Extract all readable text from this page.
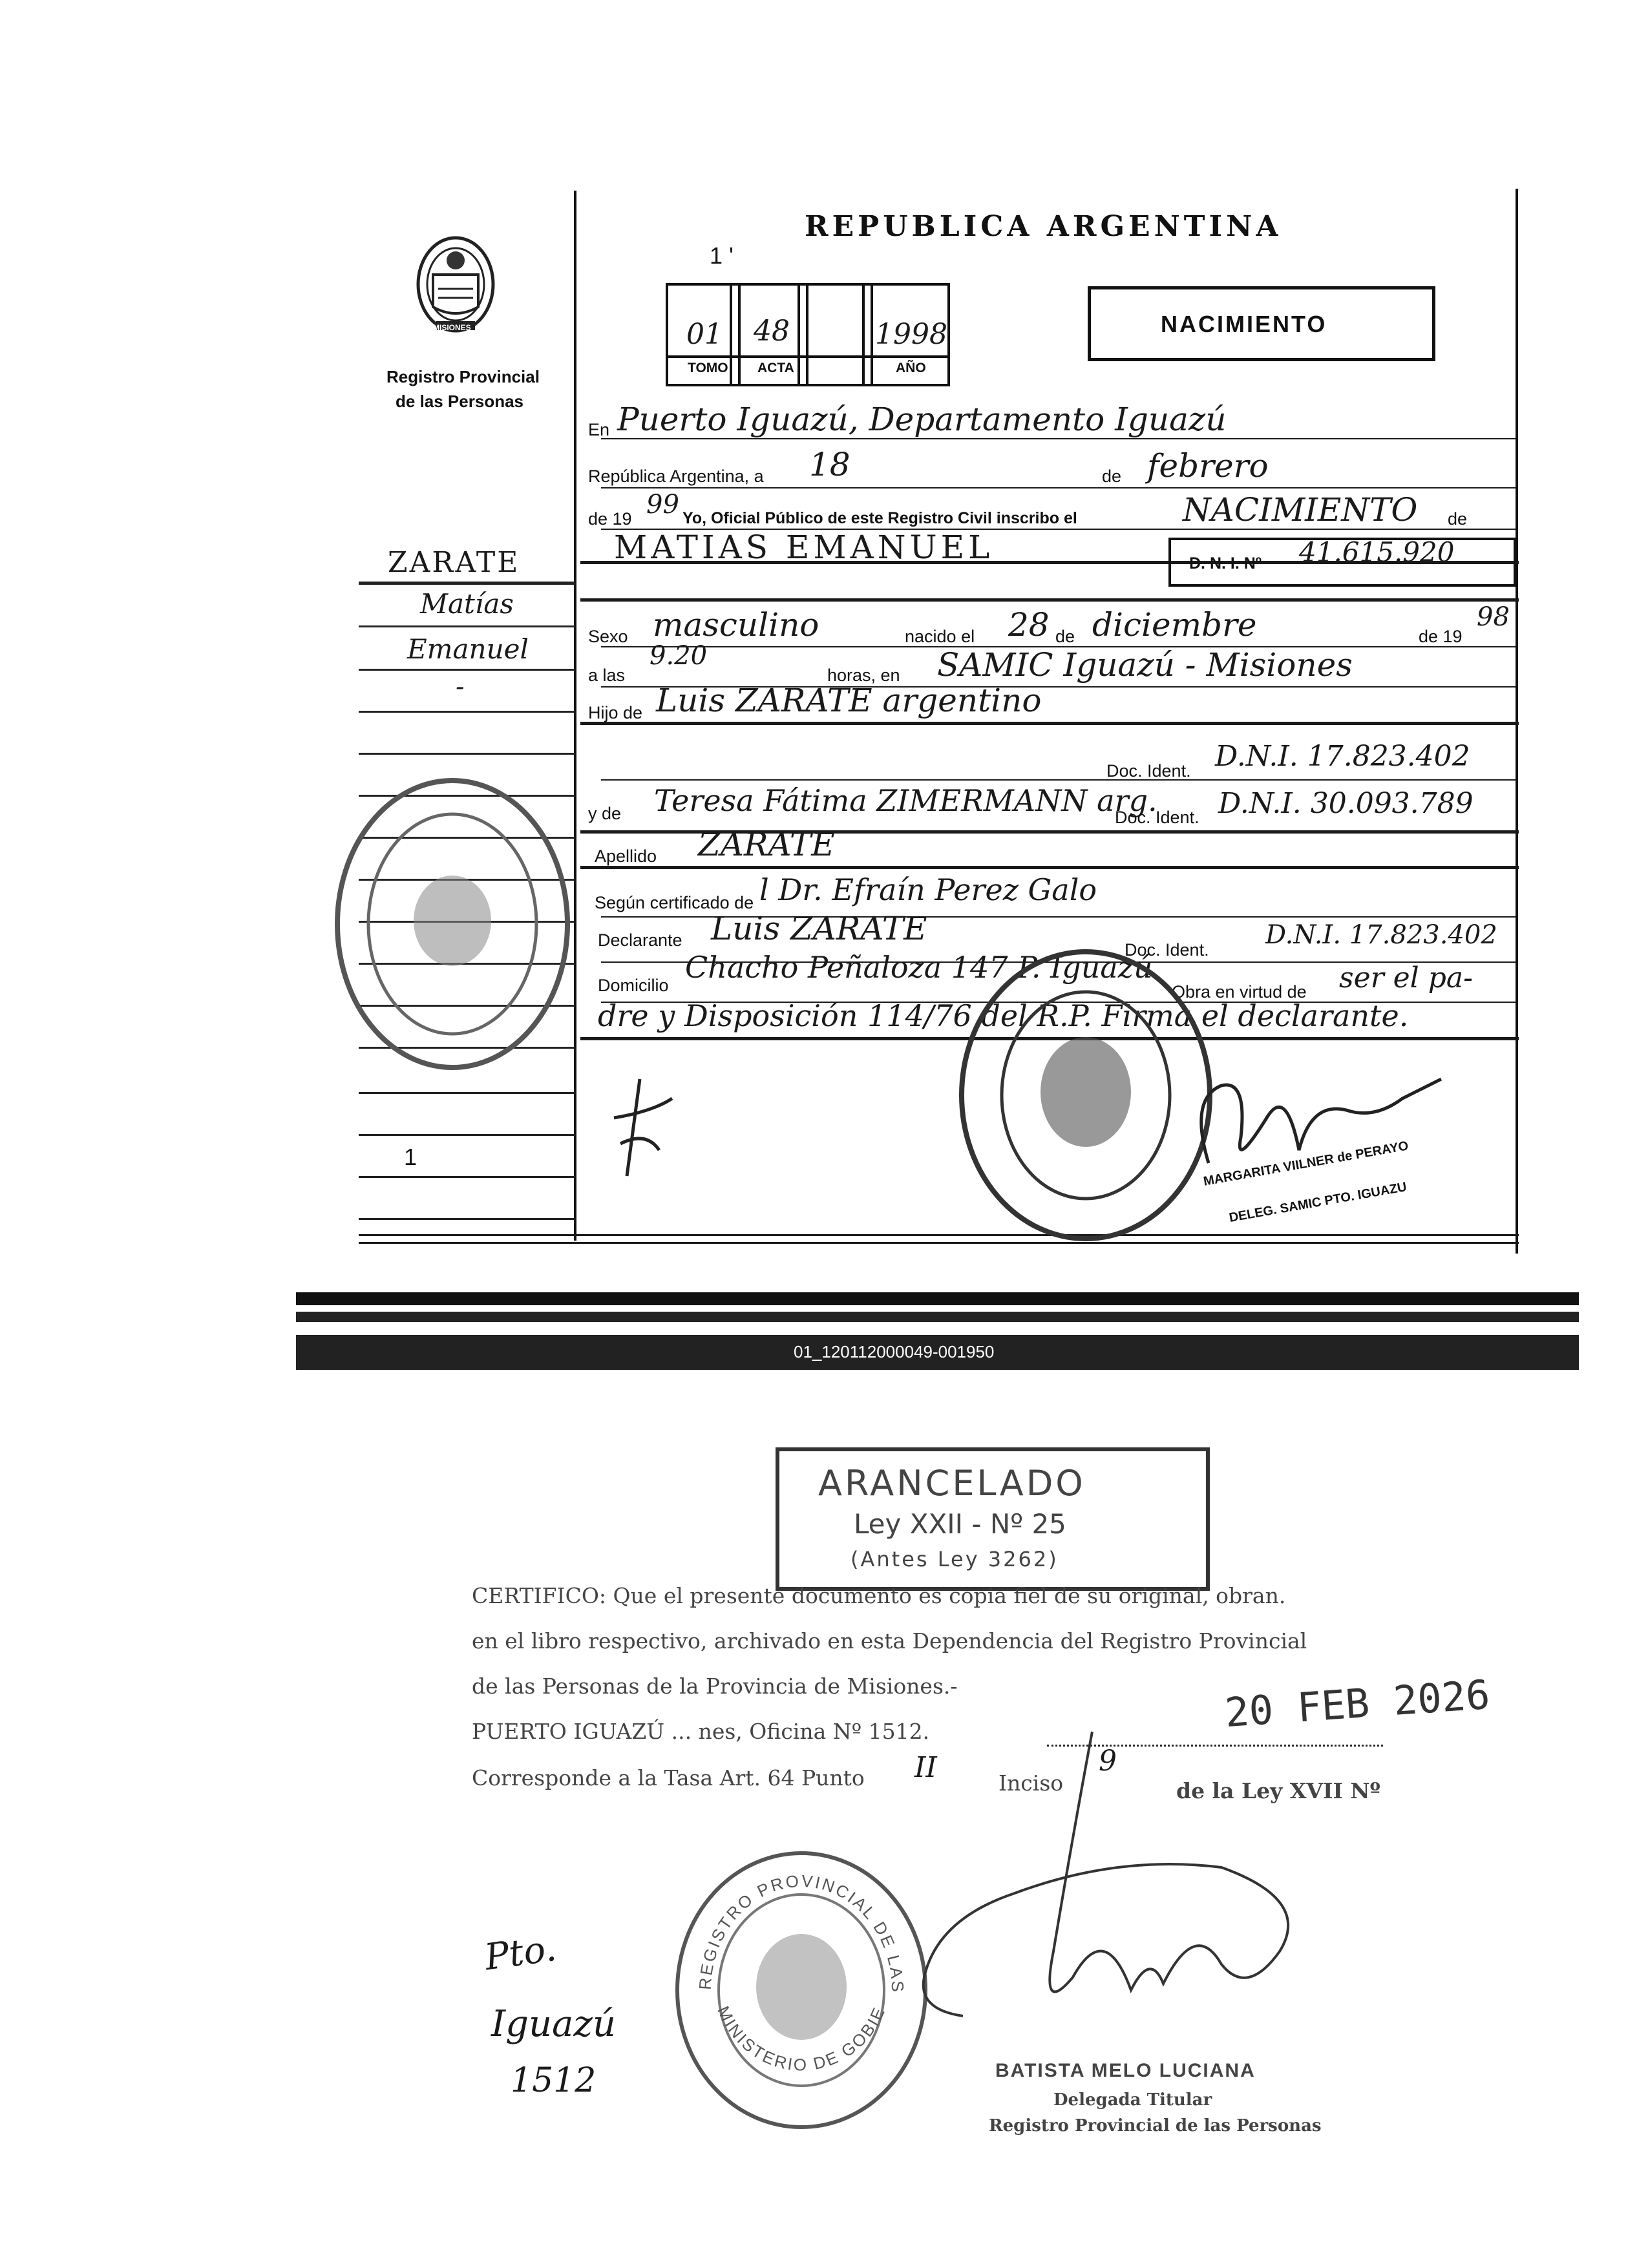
MISIONES
Registro Provincial
de las Personas
REPUBLICA ARGENTINA
1 '
01 48	1998
TOMO ACTA	AÑO
NACIMIENTO
En Puerto Iguazú, Departamento Iguazú
República Argentina, a 18	de febrero
de 19 99 Yo, Oficial Público de este Registro Civil inscribo el	NACIMIENTO de
MATIAS EMANUEL	D. N. I. Nº 41.615.920
Sexo masculino	nacido el 28 de diciembre	de 19
98
a las
9.20
horas, en SAMIC Iguazú - Misiones
Hijo de Luis ZARATE argentino
Doc. Ident. D.N.I. 17.823.402
y de Teresa Fátima ZIMERMANN arg.
Doc. Ident. D.N.I. 30.093.789
Apellido ZARATE
Según certificado de l Dr. Efraín Perez Galo
Declarante Luis ZARATE
Doc. Ident. D.N.I. 17.823.402
Domicilio
Chacho Peñaloza 147 P. Iguazú
Obra en virtud de ser el pa-
dre y Disposición 114/76 del R.P. Firma el declarante.
ZARATE
Matías
Emanuel
-
1	MARGARITA VIILNER de PERAYO
DELEG. SAMIC PTO. IGUAZU
01_120112000049-001950
ARANCELADO
Ley XXII - Nº 25
(Antes Ley 3262)
CERTIFICO: Que el presente documento es copia fiel de su original, obran.
en el libro respectivo, archivado en esta Dependencia del Registro Provincial
de las Personas de la Provincia de Misiones.-
PUERTO IGUAZÚ ... nes, Oficina Nº 1512.
Corresponde a la Tasa Art. 64 Punto II	Inciso
9
de la Ley XVII Nº
20 FEB 2026
Pto.
Iguazú
1512
REGISTRO PROVINCIAL DE LAS
MINISTERIO DE GOBIE
BATISTA MELO LUCIANA
Delegada Titular
Registro Provincial de las Personas
